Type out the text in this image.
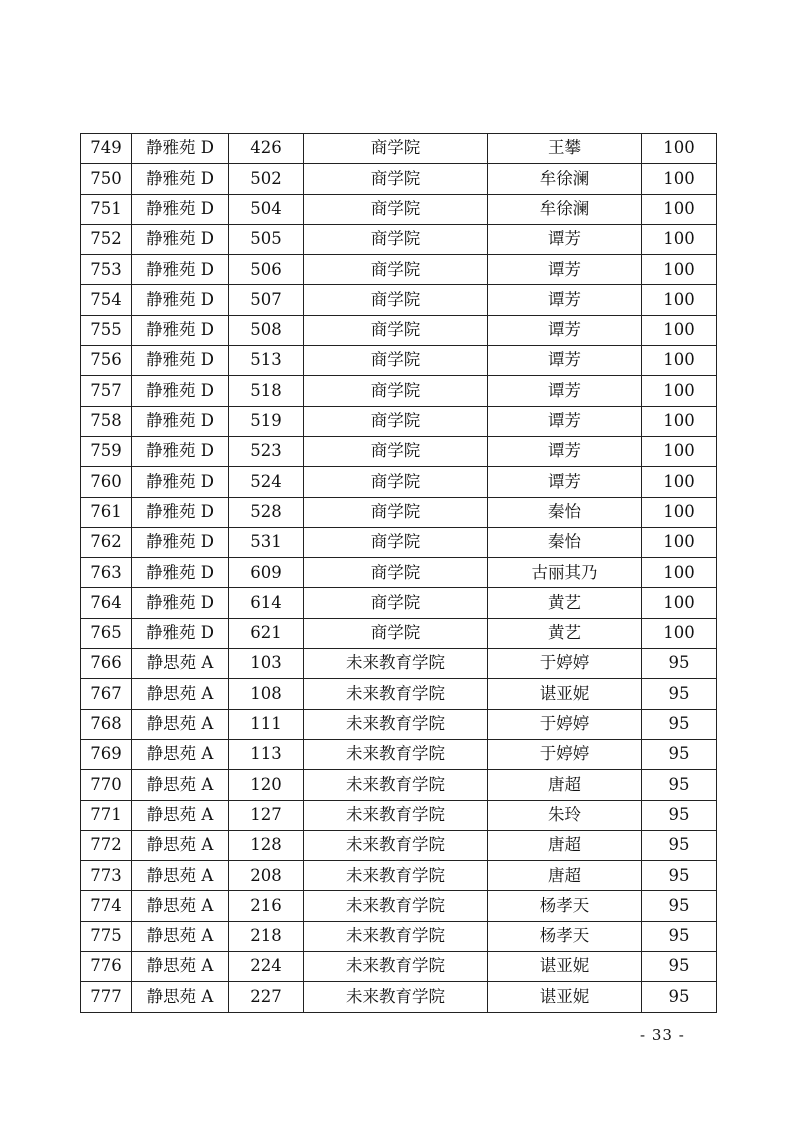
749	静雅苑 D	426	商学院	王攀	100
750	静雅苑 D	502	商学院	牟徐澜	100
751	静雅苑 D	504	商学院	牟徐澜	100
752	静雅苑 D	505	商学院	谭芳	100
753	静雅苑 D	506	商学院	谭芳	100
754	静雅苑 D	507	商学院	谭芳	100
755	静雅苑 D	508	商学院	谭芳	100
756	静雅苑 D	513	商学院	谭芳	100
757	静雅苑 D	518	商学院	谭芳	100
758	静雅苑 D	519	商学院	谭芳	100
759	静雅苑 D	523	商学院	谭芳	100
760	静雅苑 D	524	商学院	谭芳	100
761	静雅苑 D	528	商学院	秦怡	100
762	静雅苑 D	531	商学院	秦怡	100
763	静雅苑 D	609	商学院	古丽其乃	100
764	静雅苑 D	614	商学院	黄艺	100
765	静雅苑 D	621	商学院	黄艺	100
766	静思苑 A	103	未来教育学院	于婷婷	95
767	静思苑 A	108	未来教育学院	谌亚妮	95
768	静思苑 A	111	未来教育学院	于婷婷	95
769	静思苑 A	113	未来教育学院	于婷婷	95
770	静思苑 A	120	未来教育学院	唐超	95
771	静思苑 A	127	未来教育学院	朱玲	95
772	静思苑 A	128	未来教育学院	唐超	95
773	静思苑 A	208	未来教育学院	唐超	95
774	静思苑 A	216	未来教育学院	杨孝天	95
775	静思苑 A	218	未来教育学院	杨孝天	95
776	静思苑 A	224	未来教育学院	谌亚妮	95
777	静思苑 A	227	未来教育学院	谌亚妮	95
- 33 -
